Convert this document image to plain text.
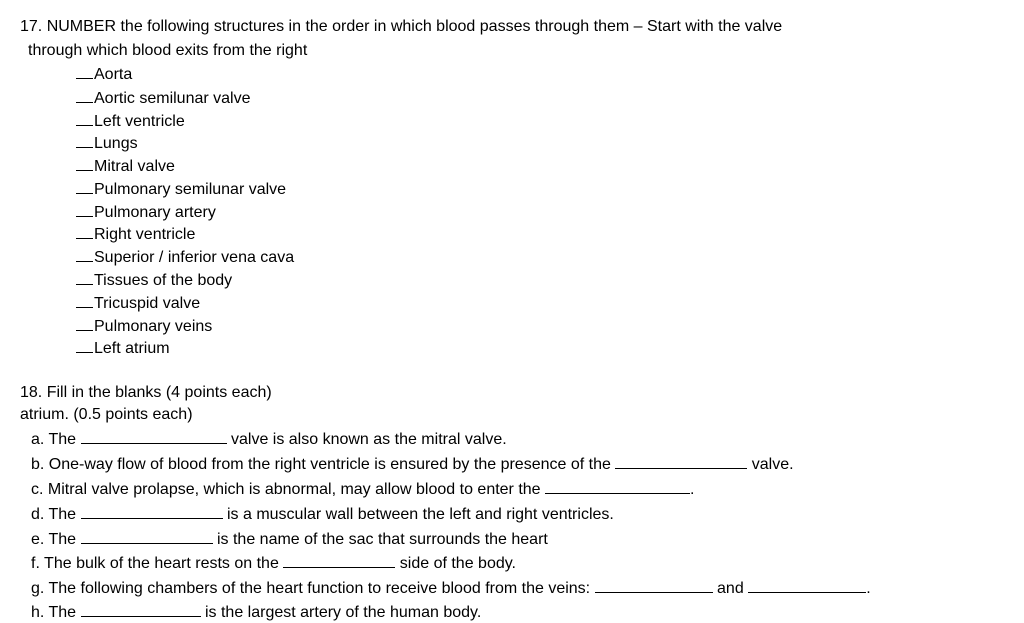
17. NUMBER the following structures in the order in which blood passes through them – Start with the valve
through which blood exits from the right
Aorta
Aortic semilunar valve
Left ventricle
Lungs
Mitral valve
Pulmonary semilunar valve
Pulmonary artery
Right ventricle
Superior / inferior vena cava
Tissues of the body
Tricuspid valve
Pulmonary veins
Left atrium
18. Fill in the blanks (4 points each)
atrium. (0.5 points each)
a. The	valve is also known as the mitral valve.
b. One-way flow of blood from the right ventricle is ensured by the presence of the	valve.
c. Mitral valve prolapse, which is abnormal, may allow blood to enter the	.
d. The	is a muscular wall between the left and right ventricles.
e. The	is the name of the sac that surrounds the heart
f. The bulk of the heart rests on the	side of the body.
g. The following chambers of the heart function to receive blood from the veins:	and	.
h. The	is the largest artery of the human body.
